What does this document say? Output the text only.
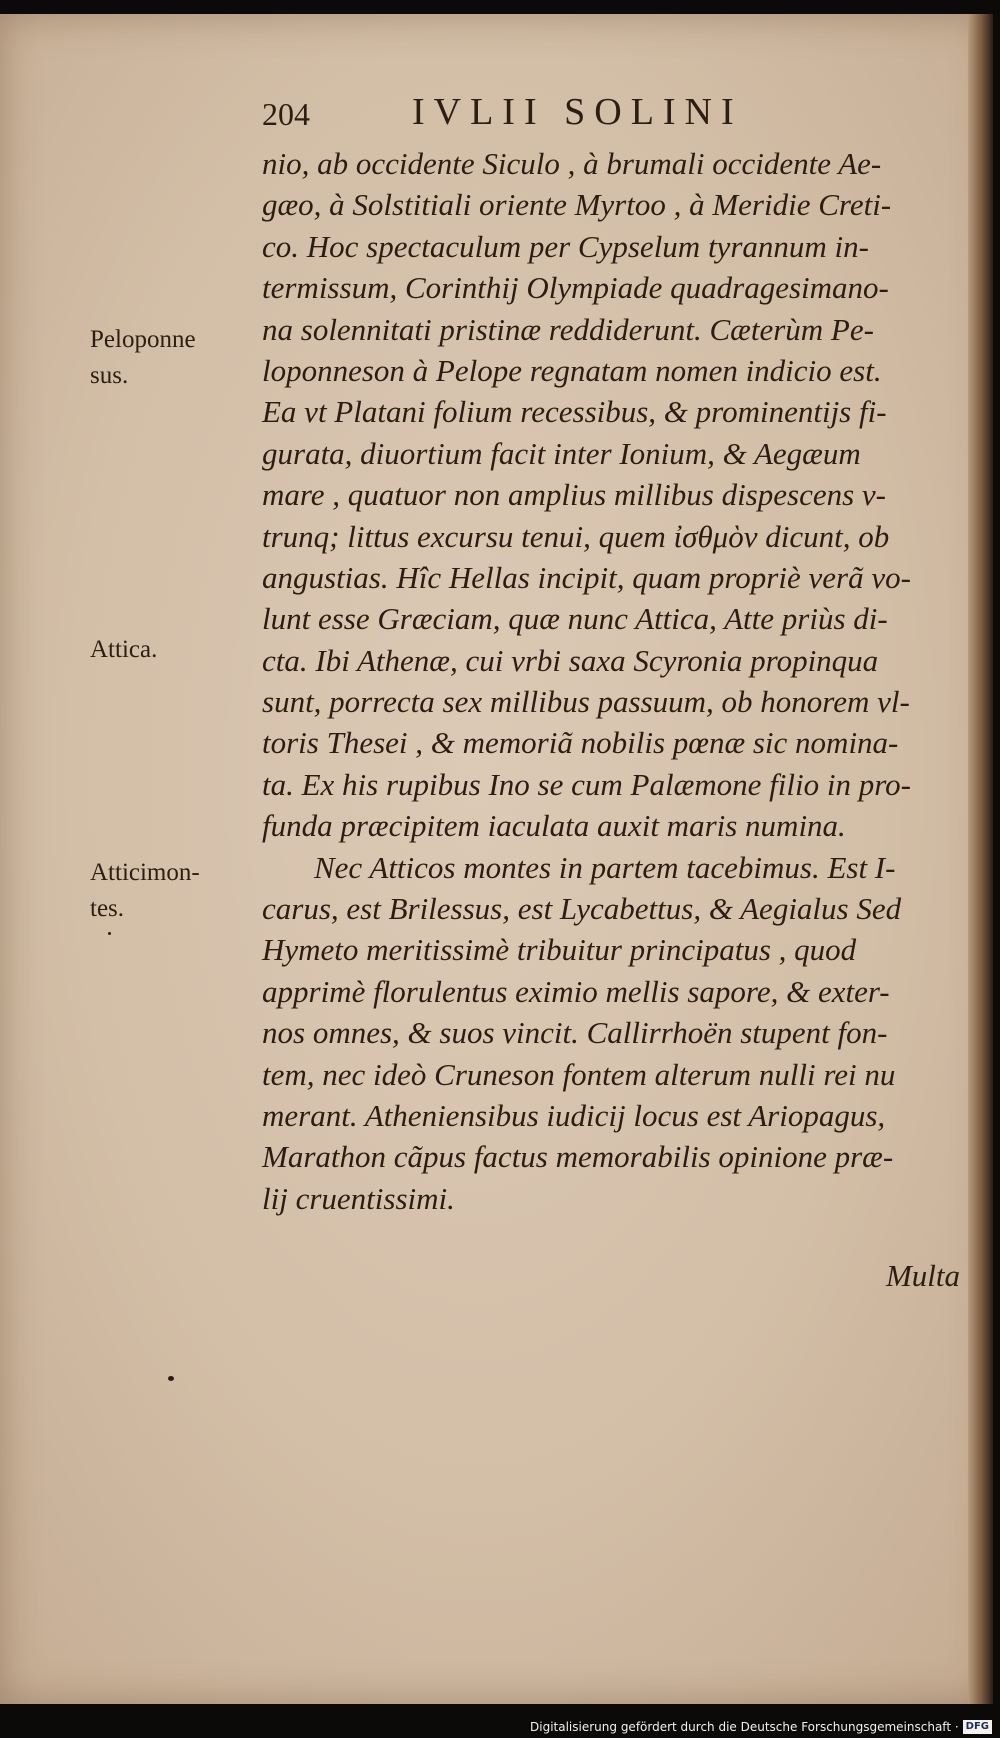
204	IVLII SOLINI
nio, ab occidente Siculo , à brumali occidente Ae-
gæo, à Solstitiali oriente Myrtoo , à Meridie Creti-
co. Hoc spectaculum per Cypselum tyrannum in-
termissum, Corinthij Olympiade quadragesimano-
na solennitati pristinæ reddiderunt. Cæterùm Pe-
loponneson à Pelope regnatam nomen indicio est.
Ea vt Platani folium recessibus, & prominentijs fi-
gurata, diuortium facit inter Ionium, & Aegæum
mare , quatuor non amplius millibus dispescens v-
trunq; littus excursu tenui, quem ἰσθμὸν dicunt, ob
angustias. Hîc Hellas incipit, quam propriè verã vo-
lunt esse Græciam, quæ nunc Attica, Atte priùs di-
cta. Ibi Athenæ, cui vrbi saxa Scyronia propinqua
sunt, porrecta sex millibus passuum, ob honorem vl-
toris Thesei , & memoriã nobilis pœnæ sic nomina-
ta. Ex his rupibus Ino se cum Palæmone filio in pro-
funda præcipitem iaculata auxit maris numina.
Nec Atticos montes in partem tacebimus. Est I-
carus, est Brilessus, est Lycabettus, & Aegialus Sed
Hymeto meritissimè tribuitur principatus , quod
apprimè florulentus eximio mellis sapore, & exter-
nos omnes, & suos vincit. Callirrhoën stupent fon-
tem, nec ideò Cruneson fontem alterum nulli rei nu
merant. Atheniensibus iudicij locus est Ariopagus,
Marathon cãpus factus memorabilis opinione præ-
lij cruentissimi.
Multa
Peloponne
sus.
Attica.
Atticimon-
tes.
Digitalisierung gefördert durch die Deutsche Forschungsgemeinschaft · DFG
